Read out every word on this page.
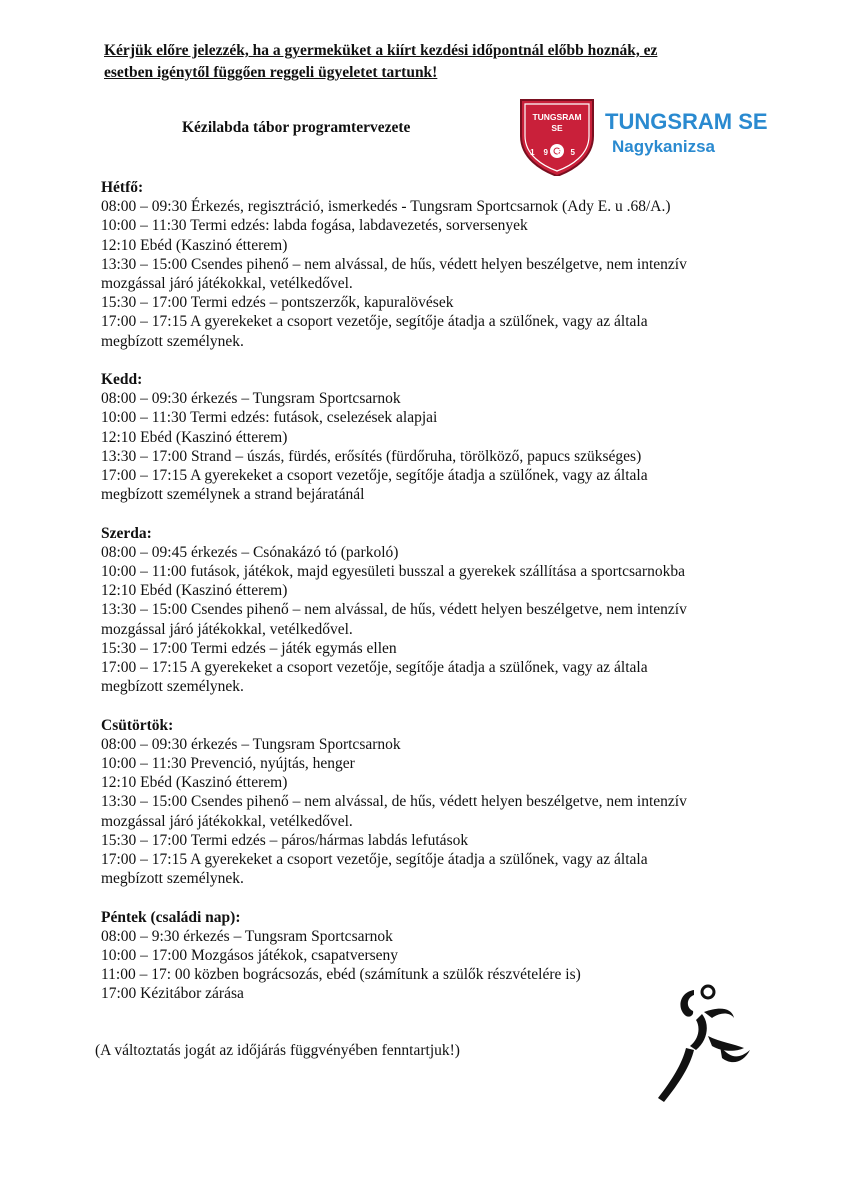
Kérjük előre jelezzék, ha a gyermeküket a kiírt kezdési időpontnál előbb hoznák, ez
esetben igénytől függően reggeli ügyeletet tartunk!
Kézilabda tábor programtervezete
TUNGSRAM
SE
1965
TUNGSRAM SE
Nagykanizsa
Hétfő:
08:00 – 09:30 Érkezés, regisztráció, ismerkedés - Tungsram Sportcsarnok (Ady E. u .68/A.)
10:00 – 11:30 Termi edzés: labda fogása, labdavezetés, sorversenyek
12:10 Ebéd (Kaszinó étterem)
13:30 – 15:00 Csendes pihenő – nem alvással, de hűs, védett helyen beszélgetve, nem intenzív
mozgással járó játékokkal, vetélkedővel.
15:30 – 17:00 Termi edzés – pontszerzők, kapuralövések
17:00 – 17:15 A gyerekeket a csoport vezetője, segítője átadja a szülőnek, vagy az általa
megbízott személynek.
Kedd:
08:00 – 09:30 érkezés – Tungsram Sportcsarnok
10:00 – 11:30 Termi edzés: futások, cselezések alapjai
12:10 Ebéd (Kaszinó étterem)
13:30 – 17:00 Strand – úszás, fürdés, erősítés (fürdőruha, törölköző, papucs szükséges)
17:00 – 17:15 A gyerekeket a csoport vezetője, segítője átadja a szülőnek, vagy az általa
megbízott személynek a strand bejáratánál
Szerda:
08:00 – 09:45 érkezés – Csónakázó tó (parkoló)
10:00 – 11:00 futások, játékok, majd egyesületi busszal a gyerekek szállítása a sportcsarnokba
12:10 Ebéd (Kaszinó étterem)
13:30 – 15:00 Csendes pihenő – nem alvással, de hűs, védett helyen beszélgetve, nem intenzív
mozgással járó játékokkal, vetélkedővel.
15:30 – 17:00 Termi edzés – játék egymás ellen
17:00 – 17:15 A gyerekeket a csoport vezetője, segítője átadja a szülőnek, vagy az általa
megbízott személynek.
Csütörtök:
08:00 – 09:30 érkezés – Tungsram Sportcsarnok
10:00 – 11:30 Prevenció, nyújtás, henger
12:10 Ebéd (Kaszinó étterem)
13:30 – 15:00 Csendes pihenő – nem alvással, de hűs, védett helyen beszélgetve, nem intenzív
mozgással járó játékokkal, vetélkedővel.
15:30 – 17:00 Termi edzés – páros/hármas labdás lefutások
17:00 – 17:15 A gyerekeket a csoport vezetője, segítője átadja a szülőnek, vagy az általa
megbízott személynek.
Péntek (családi nap):
08:00 – 9:30 érkezés – Tungsram Sportcsarnok
10:00 – 17:00 Mozgásos játékok, csapatverseny
11:00 – 17: 00 közben bográcsozás, ebéd (számítunk a szülők részvételére is)
17:00 Kézitábor zárása
(A változtatás jogát az időjárás függvényében fenntartjuk!)
